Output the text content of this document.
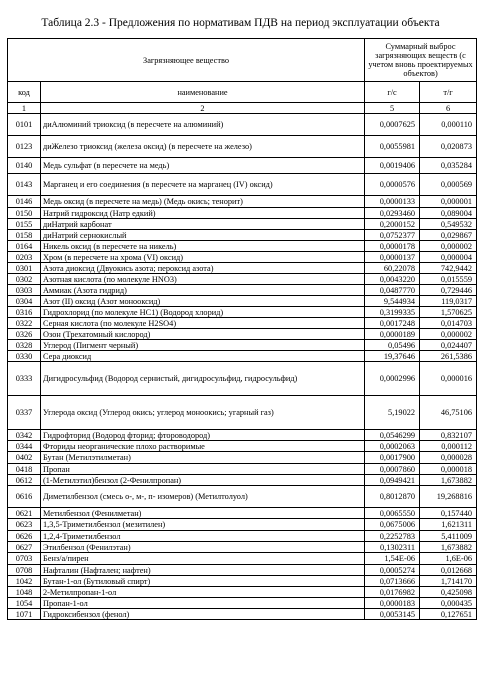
Таблица 2.3 - Предложения по нормативам ПДВ на период эксплуатации объекта
Загрязняющее вещество		Суммарный выброс загрязняющих веществ (с учетом вновь проектируемых объектов)	
код	наименование	г/с	т/г
1	2	5	6
0101	диАлюминий триоксид (в пересчете на алюминий)	0,0007625	0,000110
0123	диЖелезо триоксид (железа оксид) (в пересчете на железо)	0,0055981	0,020873
0140	Медь сульфат (в пересчете на медь)	0,0019406	0,035284
0143	Марганец и его соединения (в пересчете на марганец (IV) оксид)	0,0000576	0,000569
0146	Медь оксид (в пересчете на медь) (Медь окись; тенорит)	0,0000133	0,000001
0150	Натрий гидроксид (Натр едкий)	0,0293460	0,089004
0155	диНатрий карбонат	0,2000152	0,549532
0158	диНатрий сернокислый	0,0752377	0,029867
0164	Никель оксид (в пересчете на никель)	0,0000178	0,000002
0203	Хром (в пересчете на хрома (VI) оксид)	0,0000137	0,000004
0301	Азота диоксид (Двуокись азота; пероксид азота)	60,22078	742,9442
0302	Азотная кислота (по молекуле HNO3)	0,0043220	0,015559
0303	Аммиак (Азота гидрид)	0,0487770	0,729446
0304	Азот (II) оксид (Азот монооксид)	9,544934	119,0317
0316	Гидрохлорид (по молекуле HC1) (Водород хлорид)	0,3199335	1,570625
0322	Серная кислота (по молекуле H2SO4)	0,0017248	0,014703
0326	Озон (Трехатомный кислород)	0,0000189	0,000002
0328	Углерод (Пигмент черный)	0,05496	0,024407
0330	Сера диоксид	19,37646	261,5386
0333	Дигидросульфид (Водород сернистый, дигидросульфид, гидросульфид)	0,0002996	0,000016
0337	Углерода оксид (Углерод окись; углерод моноокись; угарный газ)	5,19022	46,75106
0342	Гидрофторид (Водород фторид; фтороводород)	0,0546299	0,832107
0344	Фториды неорганические плохо растворимые	0,0002063	0,000112
0402	Бутан (Метилэтилметан)	0,0017900	0,000028
0418	Пропан	0,0007860	0,000018
0612	(1-Метилэтил)бензол (2-Фенилпропан)	0,0949421	1,673882
0616	Диметилбензол (смесь о-, м-, п- изомеров) (Метилтолуол)	0,8012870	19,268816
0621	Метилбензол (Фенилметан)	0,0065550	0,157440
0623	1,3,5-Триметилбензол (мезитилен)	0,0675006	1,621311
0626	1,2,4-Триметилбензол	0,2252783	5,411009
0627	Этилбензол (Фенилэтан)	0,1302311	1,673882
0703	Бенз/а/пирен	1,54Е-06	1,6Е-06
0708	Нафталин (Нафтален; нафтен)	0,0005274	0,012668
1042	Бутан-1-ол (Бутиловый спирт)	0,0713666	1,714170
1048	2-Метилпропан-1-ол	0,0176982	0,425098
1054	Пропан-1-ол	0,0000183	0,000435
1071	Гидроксибензол (фенол)	0,0053145	0,127651
